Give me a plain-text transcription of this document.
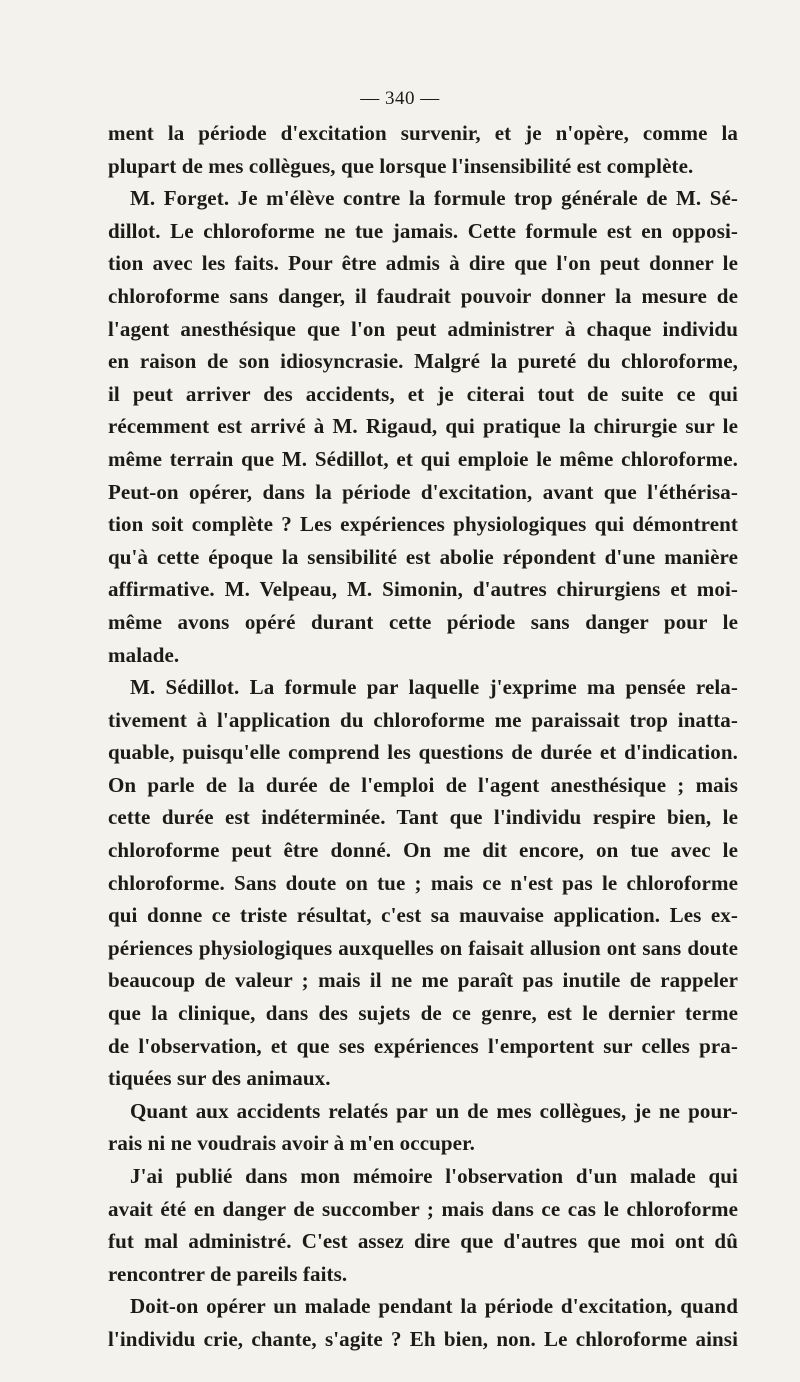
— 340 —
ment la période d'excitation survenir, et je n'opère, comme la
plupart de mes collègues, que lorsque l'insensibilité est complète.
M. Forget. Je m'élève contre la formule trop générale de M. Sé-
dillot. Le chloroforme ne tue jamais. Cette formule est en opposi-
tion avec les faits. Pour être admis à dire que l'on peut donner le
chloroforme sans danger, il faudrait pouvoir donner la mesure de
l'agent anesthésique que l'on peut administrer à chaque individu
en raison de son idiosyncrasie. Malgré la pureté du chloroforme,
il peut arriver des accidents, et je citerai tout de suite ce qui
récemment est arrivé à M. Rigaud, qui pratique la chirurgie sur le
même terrain que M. Sédillot, et qui emploie le même chloroforme.
Peut-on opérer, dans la période d'excitation, avant que l'éthérisa-
tion soit complète ? Les expériences physiologiques qui démontrent
qu'à cette époque la sensibilité est abolie répondent d'une manière
affirmative. M. Velpeau, M. Simonin, d'autres chirurgiens et moi-
même avons opéré durant cette période sans danger pour le
malade.
M. Sédillot. La formule par laquelle j'exprime ma pensée rela-
tivement à l'application du chloroforme me paraissait trop inatta-
quable, puisqu'elle comprend les questions de durée et d'indication.
On parle de la durée de l'emploi de l'agent anesthésique ; mais
cette durée est indéterminée. Tant que l'individu respire bien, le
chloroforme peut être donné. On me dit encore, on tue avec le
chloroforme. Sans doute on tue ; mais ce n'est pas le chloroforme
qui donne ce triste résultat, c'est sa mauvaise application. Les ex-
périences physiologiques auxquelles on faisait allusion ont sans doute
beaucoup de valeur ; mais il ne me paraît pas inutile de rappeler
que la clinique, dans des sujets de ce genre, est le dernier terme
de l'observation, et que ses expériences l'emportent sur celles pra-
tiquées sur des animaux.
Quant aux accidents relatés par un de mes collègues, je ne pour-
rais ni ne voudrais avoir à m'en occuper.
J'ai publié dans mon mémoire l'observation d'un malade qui
avait été en danger de succomber ; mais dans ce cas le chloroforme
fut mal administré. C'est assez dire que d'autres que moi ont dû
rencontrer de pareils faits.
Doit-on opérer un malade pendant la période d'excitation, quand
l'individu crie, chante, s'agite ? Eh bien, non. Le chloroforme ainsi
